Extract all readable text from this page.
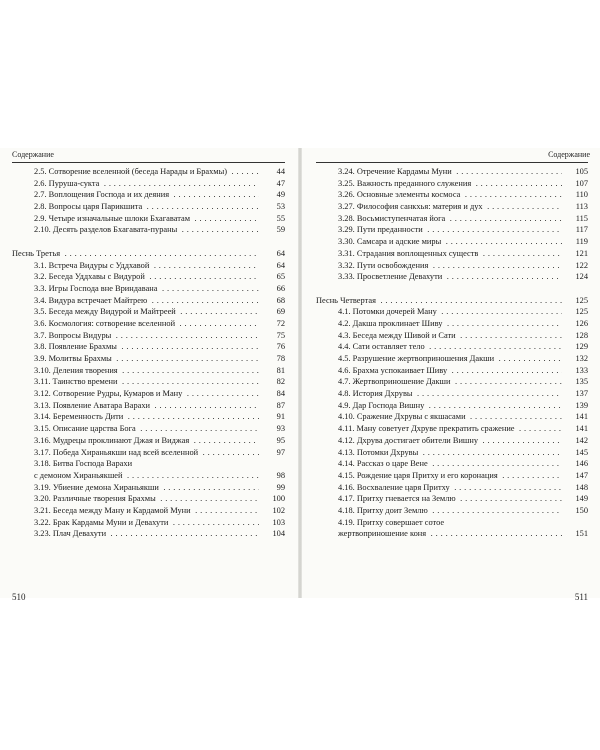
Содержание	Содержание
2.5. Сотворение вселенной (беседа Нарады и Брахмы) . . .	44
2.6. Пуруша-сукта . . .	47
2.7. Воплощения Господа и их деяния . . .	49
2.8. Вопросы царя Парикшита . . .	53
2.9. Четыре изначальные шлоки Бхагаватам . . .	55
2.10. Десять разделов Бхагавата-пураны . . .	59
Песнь Третья . . .	64
3.1. Встреча Видуры с Уддхавой . . .	64
3.2. Беседа Уддхавы с Видурой . . .	65
3.3. Игры Господа вне Вриндавана . . .	66
3.4. Видура встречает Майтрею . . .	68
3.5. Беседа между Видурой и Майтреей . . .	69
3.6. Космология: сотворение вселенной . . .	72
3.7. Вопросы Видуры . . .	75
3.8. Появление Брахмы . . .	76
3.9. Молитвы Брахмы . . .	78
3.10. Деления творения . . .	81
3.11. Таинство времени . . .	82
3.12. Сотворение Рудры, Кумаров и Ману . . .	84
3.13. Появление Аватара Варахи . . .	87
3.14. Беременность Дити . . .	91
3.15. Описание царства Бога . . .	93
3.16. Мудрецы проклинают Джая и Виджая . . .	95
3.17. Победа Хираньякши над всей вселенной . . .	97
3.18. Битва Господа Варахи
с демоном Хираньякшей . . .	98
3.19. Убиение демона Хираньякши . . .	99
3.20. Различные творения Брахмы . . .	100
3.21. Беседа между Ману и Кардамой Муни . . .	102
3.22. Брак Кардамы Муни и Девахути . . .	103
3.23. Плач Девахути . . .	104
3.24. Отречение Кардамы Муни . . .	105
3.25. Важность преданного служения . . .	107
3.26. Основные элементы космоса . . .	110
3.27. Философия санкхья: материя и дух . . .	113
3.28. Восьмиступенчатая йога . . .	115
3.29. Пути преданности . . .	117
3.30. Самсара и адские миры . . .	119
3.31. Страдания воплощенных существ . . .	121
3.32. Пути освобождения . . .	122
3.33. Просветление Девахути . . .	124
Песнь Четвертая . . .	125
4.1. Потомки дочерей Ману . . .	125
4.2. Дакша проклинает Шиву . . .	126
4.3. Беседа между Шивой и Сати . . .	128
4.4. Сати оставляет тело . . .	129
4.5. Разрушение жертвоприношения Дакши . . .	132
4.6. Брахма успокаивает Шиву . . .	133
4.7. Жертвоприношение Дакши . . .	135
4.8. История Дхрувы . . .	137
4.9. Дар Господа Вишну . . .	139
4.10. Сражение Дхрувы с якшасами . . .	141
4.11. Ману советует Дхруве прекратить сражение . . .	141
4.12. Дхрува достигает обители Вишну . . .	142
4.13. Потомки Дхрувы . . .	145
4.14. Рассказ о царе Вене . . .	146
4.15. Рождение царя Притху и его коронация . . .	147
4.16. Восхваление царя Притху . . .	148
4.17. Притху гневается на Землю . . .	149
4.18. Притху доит Землю . . .	150
4.19. Притху совершает сотое
жертвоприношение коня . . .	151
510	511
